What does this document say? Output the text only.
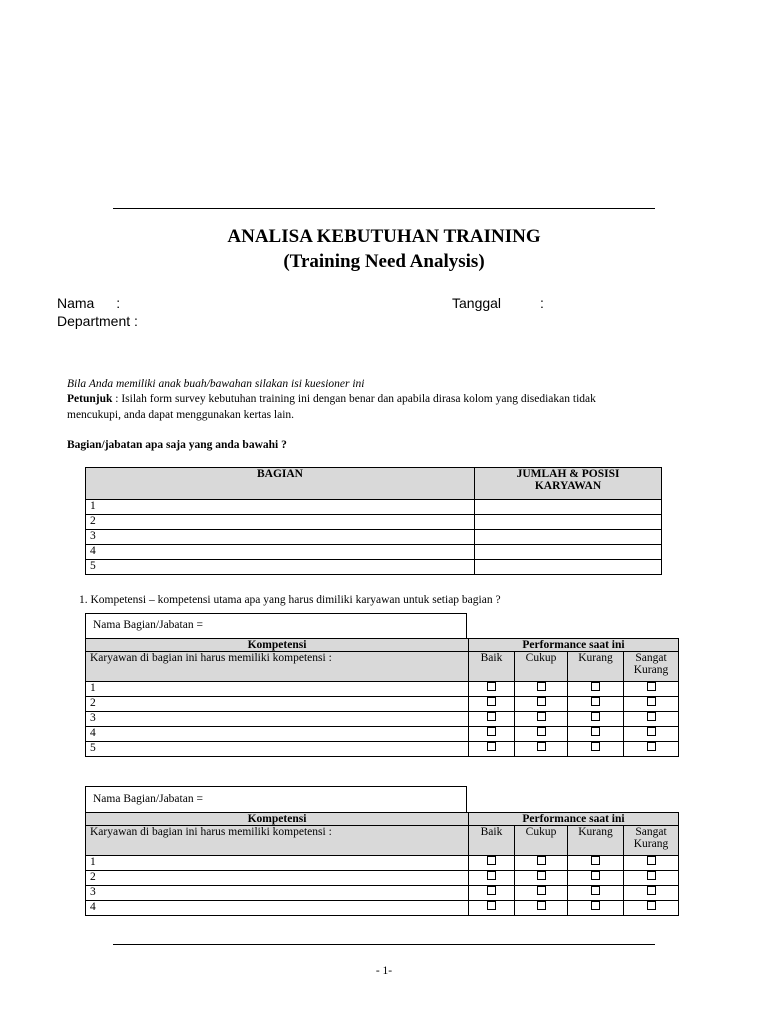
ANALISA KEBUTUHAN TRAINING
(Training Need Analysis)
Nama :	Tanggal	:
Department :
Bila Anda memiliki anak buah/bawahan silakan isi kuesioner ini
Petunjuk : Isilah form survey kebutuhan training ini dengan benar dan apabila dirasa kolom yang disediakan tidak
mencukupi, anda dapat menggunakan kertas lain.
Bagian/jabatan apa saja yang anda bawahi ?
BAGIAN	JUMLAH & POSISI
KARYAWAN

1	
2	
3	
4	
5	
1. Kompetensi – kompetensi utama apa yang harus dimiliki karyawan untuk setiap bagian ?
Nama Bagian/Jabatan =
Kompetensi	Performance saat ini			
Karyawan di bagian ini harus memiliki kompetensi :	Baik	Cukup	Kurang	Sangat
Kurang

1				
2				
3				
4				
5				
Nama Bagian/Jabatan =
Kompetensi	Performance saat ini			
Karyawan di bagian ini harus memiliki kompetensi :	Baik	Cukup	Kurang	Sangat
Kurang

1				
2				
3				
4				
- 1-
